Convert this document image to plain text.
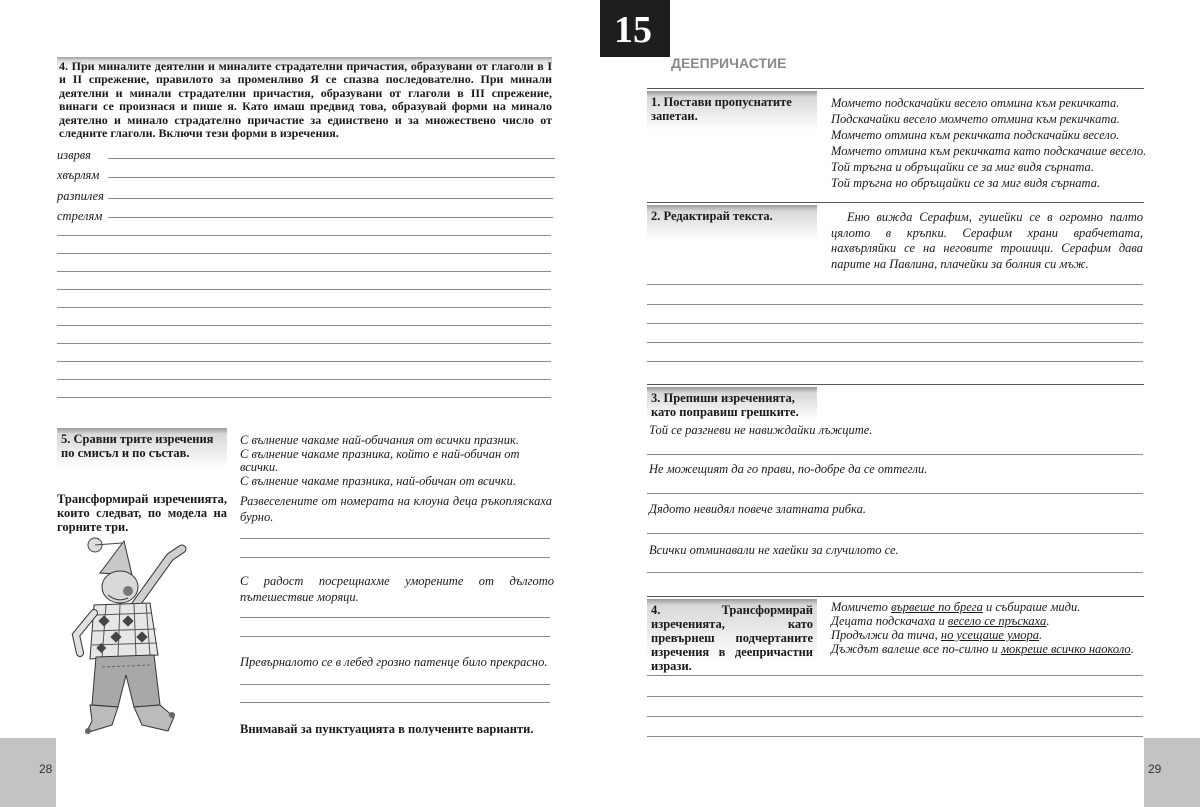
4. При миналите деятелни и миналите страдателни причастия, образувани от глаголи в I и II спрежение, правилото за променливо Я се спазва последователно. При минали деятелни и минали страдателни причастия, образувани от глаголи в III спрежение, винаги се произнася и пише я. Като имаш предвид това, образувай форми на минало деятелно и минало страдателно причастие за единствено и за множествено число от следните глаголи. Включи тези форми в изречения.
изврвя
хвърлям
разпилея
стрелям
5. Сравни трите изречения по смисъл и по състав.
С вълнение чакаме най-обичания от всички празник.
С вълнение чакаме празника, който е най-обичан от всички.
С вълнение чакаме празника, най-обичан от всички.
Трансформирай изреченията, които следват, по модела на горните три.
Развеселените от номерата на клоуна деца ръкопляскаха бурно.
С радост посрещнахме уморените от дългото пътешествие моряци.
Превърналото се в лебед грозно патенце било прекрасно.
Внимавай за пунктуацията в получените варианти.
28
15
ДЕЕПРИЧАСТИЕ
1. Постави пропуснатите запетаи.
Момчето подскачайки весело отмина към рекичката.
Подскачайки весело момчето отмина към рекичката.
Момчето отмина към рекичката подскачайки весело.
Момчето отмина към рекичката като подскачаше весело.
Той тръгна и обръщайки се за миг видя сърната.
Той тръгна но обръщайки се за миг видя сърната.
2. Редактирай текста.	Еню вижда Серафим, гушейки се в огромно палто цялото в кръпки. Серафим храни врабчетата, нахвърляйки се на неговите трошици. Серафим дава парите на Павлина, плачейки за болния си мъж.
3. Препиши изреченията, като поправиш грешките.
Той се разгневи не навиждайки лъжците.
Не можещият да го прави, по-добре да се оттегли.
Дядото невидял повече златната рибка.
Всички отминавали не хаейки за случилото се.
4. Трансформирай изреченията, като превърнеш подчертаните изречения в деепричастни изрази.
Момичето вървеше по брега и събираше миди.
Децата подскачаха и весело се пръскаха.
Продължи да тича, но усещаше умора.
Дъждът валеше все по-силно и мокреше всичко наоколо.
29
